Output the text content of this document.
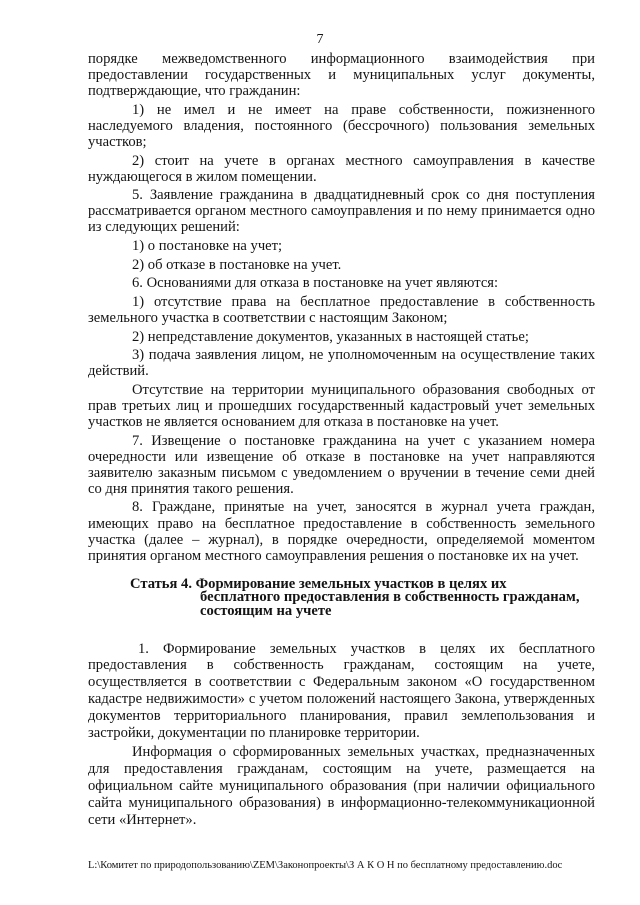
7

порядке межведомственного информационного взаимодействия при предоставлении государственных и муниципальных услуг документы, подтверждающие, что гражданин:

1) не имел и не имеет на праве собственности, пожизненного наследуемого владения, постоянного (бессрочного) пользования земельных участков;

2) стоит на учете в органах местного самоуправления в качестве нуждающегося в жилом помещении.

5. Заявление гражданина в двадцатидневный срок со дня поступления рассматривается органом местного самоуправления и по нему принимается одно из следующих решений:

1) о постановке на учет;

2) об отказе в постановке на учет.

6. Основаниями для отказа в постановке на учет являются:

1) отсутствие права на бесплатное предоставление в собственность земельного участка в соответствии с настоящим Законом;

2) непредставление документов, указанных в настоящей статье;

3) подача заявления лицом, не уполномоченным на осуществление таких действий.

Отсутствие на территории муниципального образования свободных от прав третьих лиц и прошедших государственный кадастровый учет земельных участков не является основанием для отказа в постановке на учет.

7. Извещение о постановке гражданина на учет с указанием номера очередности или извещение об отказе в постановке на учет направляются заявителю заказным письмом с уведомлением о вручении в течение семи дней со дня принятия такого решения.

8. Граждане, принятые на учет, заносятся в журнал учета граждан, имеющих право на бесплатное предоставление в собственность земельного участка (далее – журнал), в порядке очередности, определяемой моментом принятия органом местного самоуправления решения о постановке их на учет.

Статья 4. Формирование земельных участков в целях их
бесплатного предоставления в собственность гражданам,
состоящим на учете

1. Формирование земельных участков в целях их бесплатного предоставления в собственность гражданам, состоящим на учете, осуществляется в соответствии с Федеральным законом «О государственном кадастре недвижимости» с учетом положений настоящего Закона, утвержденных документов территориального планирования, правил землепользования и застройки, документации по планировке территории.

Информация о сформированных земельных участках, предназначенных для предоставления гражданам, состоящим на учете, размещается на официальном сайте муниципального образования (при наличии официального сайта муниципального образования) в информационно-телекоммуникационной сети «Интернет».

L:\Комитет по природопользованию\ZEM\Законопроекты\З А К О Н по бесплатному предоставлению.doc
